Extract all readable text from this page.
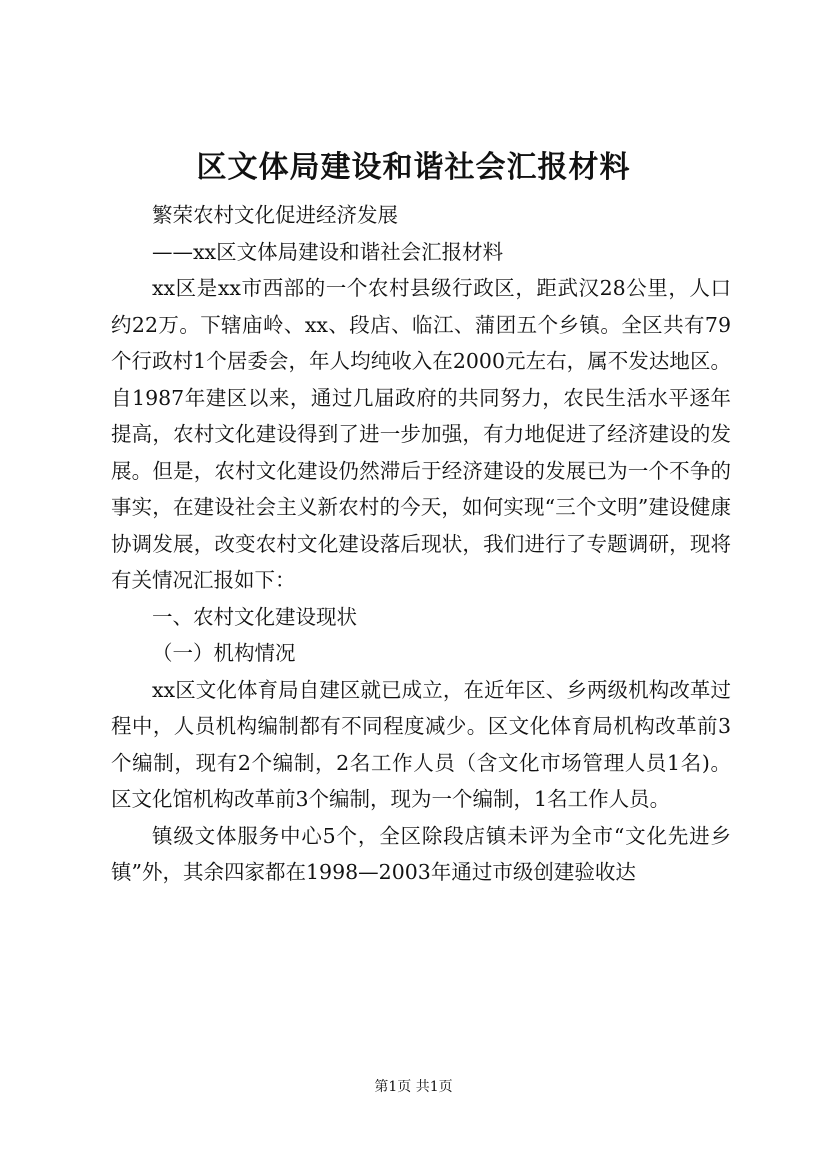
区文体局建设和谐社会汇报材料

繁荣农村文化促进经济发展

——xx区文体局建设和谐社会汇报材料

xx区是xx市西部的一个农村县级行政区，距武汉28公里，人口约22万。下辖庙岭、xx、段店、临江、蒲团五个乡镇。全区共有79个行政村1个居委会，年人均纯收入在2000元左右，属不发达地区。自1987年建区以来，通过几届政府的共同努力，农民生活水平逐年提高，农村文化建设得到了进一步加强，有力地促进了经济建设的发展。但是，农村文化建设仍然滞后于经济建设的发展已为一个不争的事实，在建设社会主义新农村的今天，如何实现“三个文明”建设健康协调发展，改变农村文化建设落后现状，我们进行了专题调研，现将有关情况汇报如下：

一、农村文化建设现状

（一）机构情况

xx区文化体育局自建区就已成立，在近年区、乡两级机构改革过程中，人员机构编制都有不同程度减少。区文化体育局机构改革前3个编制，现有2个编制，2名工作人员（含文化市场管理人员1名)。区文化馆机构改革前3个编制，现为一个编制，1名工作人员。

镇级文体服务中心5个，全区除段店镇未评为全市“文化先进乡镇”外，其余四家都在1998—2003年通过市级创建验收达

第1页 共1页
